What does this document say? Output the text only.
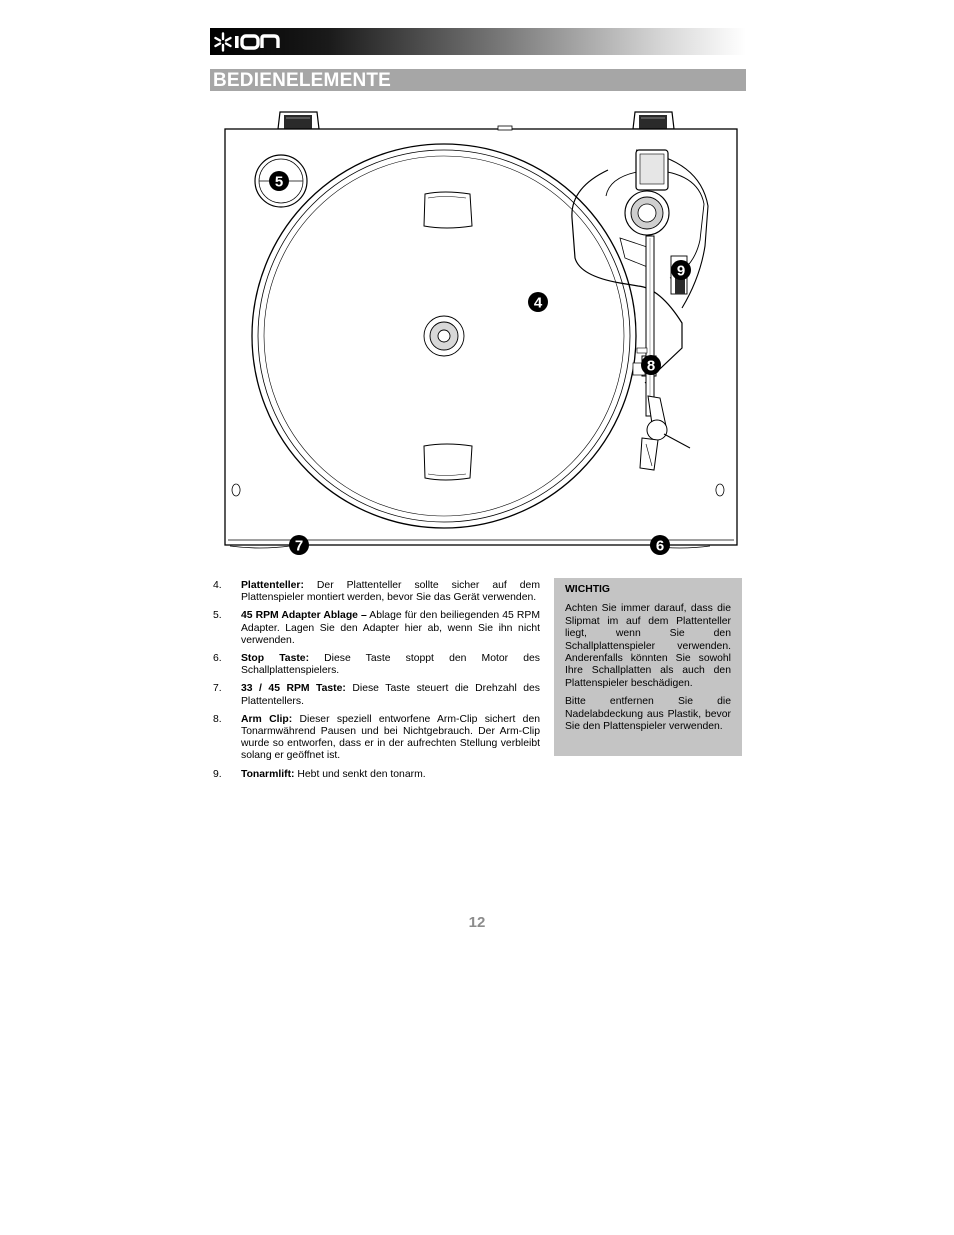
BEDIENELEMENTE
5
4
9
8
7	6
4. Plattenteller: Der Plattenteller sollte sicher auf dem Plattenspieler montiert werden, bevor Sie das Gerät verwenden.
5. 45 RPM Adapter Ablage – Ablage für den beiliegenden 45 RPM Adapter. Lagen Sie den Adapter hier ab, wenn Sie ihn nicht verwenden.
6. Stop Taste: Diese Taste stoppt den Motor des Schallplattenspielers.
7. 33 / 45 RPM Taste: Diese Taste steuert die Drehzahl des Plattentellers.
8. Arm Clip: Dieser speziell entworfene Arm-Clip sichert den Tonarmwährend Pausen und bei Nichtgebrauch. Der Arm-Clip wurde so entworfen, dass er in der aufrechten Stellung verbleibt solang er geöffnet ist.
9. Tonarmlift: Hebt und senkt den tonarm.
WICHTIG

Achten Sie immer darauf, dass die Slipmat im auf dem Plattenteller liegt, wenn Sie den Schallplattenspieler verwenden. Anderenfalls könnten Sie sowohl Ihre Schallplatten als auch den Plattenspieler beschädigen.

Bitte entfernen Sie die Nadelabdeckung aus Plastik, bevor Sie den Plattenspieler verwenden.

12
